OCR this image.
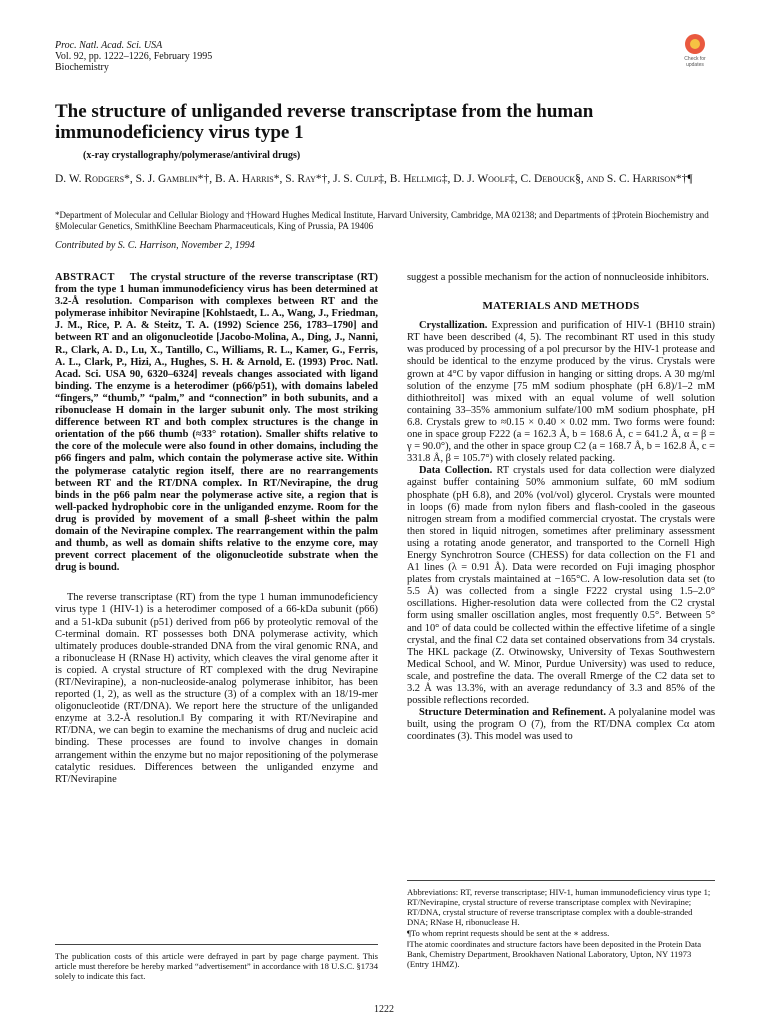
Proc. Natl. Acad. Sci. USA
Vol. 92, pp. 1222–1226, February 1995
Biochemistry
Check for updates
The structure of unliganded reverse transcriptase from the human immunodeficiency virus type 1
(x-ray crystallography/polymerase/antiviral drugs)
D. W. Rodgers*, S. J. Gamblin*†, B. A. Harris*, S. Ray*†, J. S. Culp‡, B. Hellmig‡, D. J. Woolf‡, C. Debouck§, and S. C. Harrison*†¶
*Department of Molecular and Cellular Biology and †Howard Hughes Medical Institute, Harvard University, Cambridge, MA 02138; and Departments of ‡Protein Biochemistry and §Molecular Genetics, SmithKline Beecham Pharmaceuticals, King of Prussia, PA 19406
Contributed by S. C. Harrison, November 2, 1994

ABSTRACT The crystal structure of the reverse transcriptase (RT) from the type 1 human immunodeficiency virus has been determined at 3.2-Å resolution. Comparison with complexes between RT and the polymerase inhibitor Nevirapine [Kohlstaedt, L. A., Wang, J., Friedman, J. M., Rice, P. A. & Steitz, T. A. (1992) Science 256, 1783–1790] and between RT and an oligonucleotide [Jacobo-Molina, A., Ding, J., Nanni, R., Clark, A. D., Lu, X., Tantillo, C., Williams, R. L., Kamer, G., Ferris, A. L., Clark, P., Hizi, A., Hughes, S. H. & Arnold, E. (1993) Proc. Natl. Acad. Sci. USA 90, 6320–6324] reveals changes associated with ligand binding. The enzyme is a heterodimer (p66/p51), with domains labeled “fingers,” “thumb,” “palm,” and “connection” in both subunits, and a ribonuclease H domain in the larger subunit only. The most striking difference between RT and both complex structures is the change in orientation of the p66 thumb (≈33° rotation). Smaller shifts relative to the core of the molecule were also found in other domains, including the p66 fingers and palm, which contain the polymerase active site. Within the polymerase catalytic region itself, there are no rearrangements between RT and the RT/DNA complex. In RT/Nevirapine, the drug binds in the p66 palm near the polymerase active site, a region that is well-packed hydrophobic core in the unliganded enzyme. Room for the drug is provided by movement of a small β-sheet within the palm domain of the Nevirapine complex. The rearrangement within the palm and thumb, as well as domain shifts relative to the enzyme core, may prevent correct placement of the oligonucleotide substrate when the drug is bound.

The reverse transcriptase (RT) from the type 1 human immunodeficiency virus type 1 (HIV-1) is a heterodimer composed of a 66-kDa subunit (p66) and a 51-kDa subunit (p51) derived from p66 by proteolytic removal of the C-terminal domain. RT possesses both DNA polymerase activity, which ultimately produces double-stranded DNA from the viral genomic RNA, and a ribonuclease H (RNase H) activity, which cleaves the viral genome after it is copied. A crystal structure of RT complexed with the drug Nevirapine (RT/Nevirapine), a non-nucleoside-analog polymerase inhibitor, has been reported (1, 2), as well as the structure (3) of a complex with an 18/19-mer oligonucleotide (RT/DNA). We report here the structure of the unliganded enzyme at 3.2-Å resolution.‖ By comparing it with RT/Nevirapine and RT/DNA, we can begin to examine the mechanisms of drug and nucleic acid binding. These processes are found to involve changes in domain arrangement within the enzyme but no major repositioning of the polymerase catalytic residues. Differences between the unliganded enzyme and RT/Nevirapine

suggest a possible mechanism for the action of nonnucleoside inhibitors.

MATERIALS AND METHODS

Crystallization. Expression and purification of HIV-1 (BH10 strain) RT have been described (4, 5). The recombinant RT used in this study was produced by processing of a pol precursor by the HIV-1 protease and should be identical to the enzyme produced by the virus. Crystals were grown at 4°C by vapor diffusion in hanging or sitting drops. A 30 mg/ml solution of the enzyme [75 mM sodium phosphate (pH 6.8)/1–2 mM dithiothreitol] was mixed with an equal volume of well solution containing 33–35% ammonium sulfate/100 mM sodium phosphate, pH 6.8. Crystals grew to ≈0.15 × 0.40 × 0.02 mm. Two forms were found: one in space group F222 (a = 162.3 Å, b = 168.6 Å, c = 641.2 Å, α = β = γ = 90.0°), and the other in space group C2 (a = 168.7 Å, b = 162.8 Å, c = 331.8 Å, β = 105.7°) with closely related packing.

Data Collection. RT crystals used for data collection were dialyzed against buffer containing 50% ammonium sulfate, 60 mM sodium phosphate (pH 6.8), and 20% (vol/vol) glycerol. Crystals were mounted in loops (6) made from nylon fibers and flash-cooled in the gaseous nitrogen stream from a modified commercial cryostat. The crystals were then stored in liquid nitrogen, sometimes after preliminary assessment using a rotating anode generator, and transported to the Cornell High Energy Synchrotron Source (CHESS) for data collection on the F1 and A1 lines (λ = 0.91 Å). Data were recorded on Fuji imaging phosphor plates from crystals maintained at −165°C. A low-resolution data set (to 5.5 Å) was collected from a single F222 crystal using 1.5–2.0° oscillations. Higher-resolution data were collected from the C2 crystal form using smaller oscillation angles, most frequently 0.5°. Between 5° and 10° of data could be collected within the effective lifetime of a single crystal, and the final C2 data set contained observations from 34 crystals. The HKL package (Z. Otwinowsky, University of Texas Southwestern Medical School, and W. Minor, Purdue University) was used to reduce, scale, and postrefine the data. The overall Rmerge of the C2 data set to 3.2 Å was 13.3%, with an average redundancy of 3.3 and 85% of the possible reflections recorded.

Structure Determination and Refinement. A polyalanine model was built, using the program O (7), from the RT/DNA complex Cα atom coordinates (3). This model was used to

The publication costs of this article were defrayed in part by page charge payment. This article must therefore be hereby marked “advertisement” in accordance with 18 U.S.C. §1734 solely to indicate this fact.

Abbreviations: RT, reverse transcriptase; HIV-1, human immunodeficiency virus type 1; RT/Nevirapine, crystal structure of reverse transcriptase complex with Nevirapine; RT/DNA, crystal structure of reverse transcriptase complex with a double-stranded DNA; RNase H, ribonuclease H.

¶To whom reprint requests should be sent at the ∗ address.

‖The atomic coordinates and structure factors have been deposited in the Protein Data Bank, Chemistry Department, Brookhaven National Laboratory, Upton, NY 11973 (Entry 1HMZ).

1222
